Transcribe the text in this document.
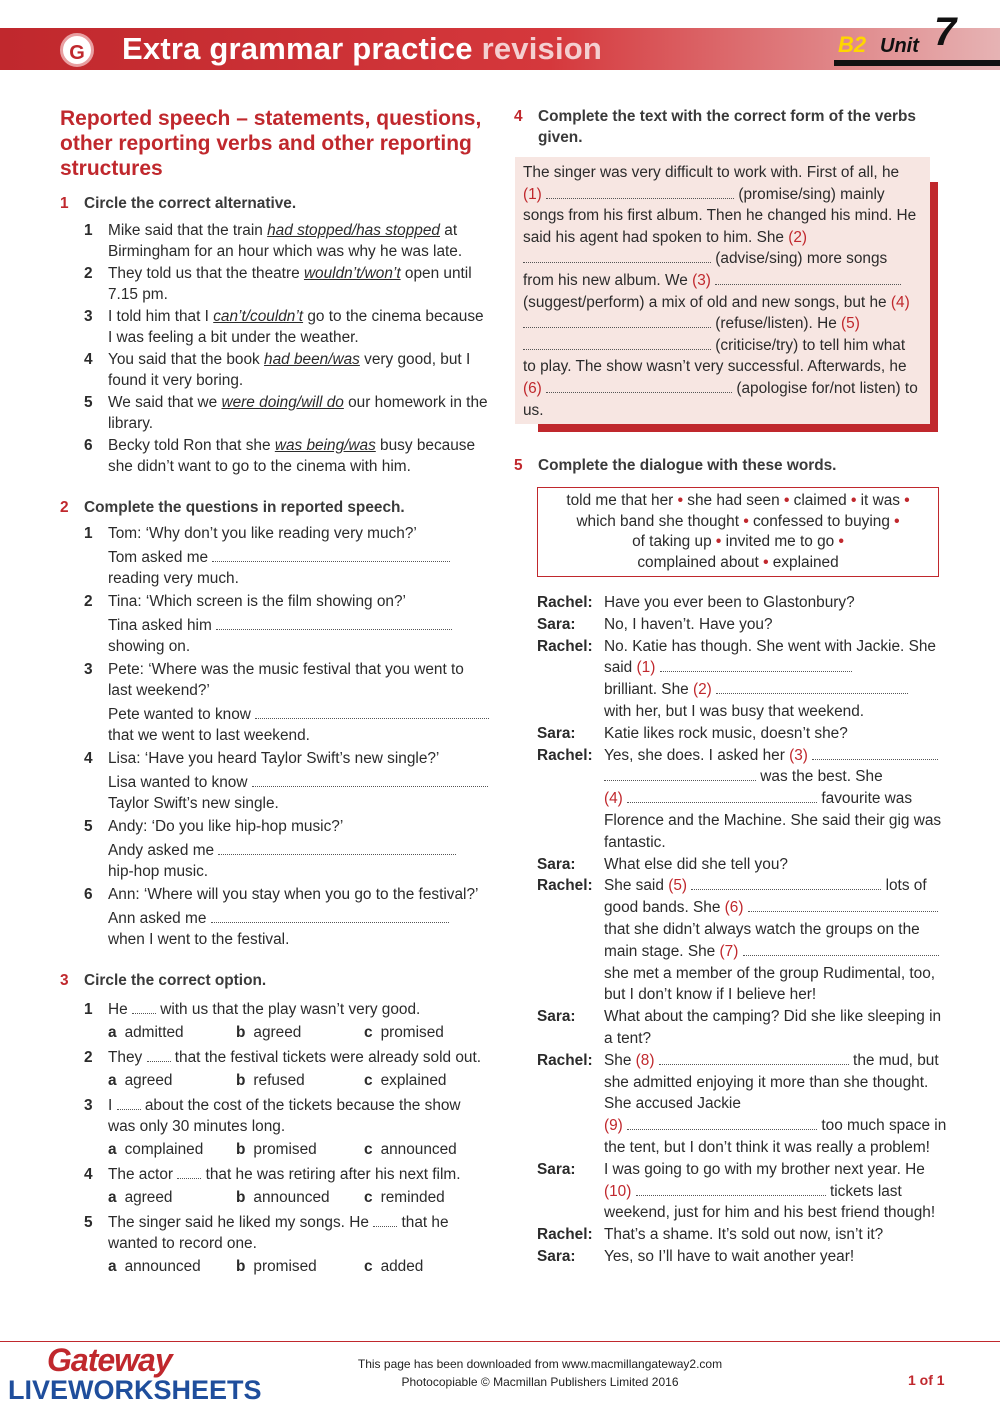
G Extra grammar practice revision	B2 Unit 7
Reported speech – statements, questions, other reporting verbs and other reporting structures
1 Circle the correct alternative.
1 Mike said that the train had stopped/has stopped at Birmingham for an hour which was why he was late.
2 They told us that the theatre wouldn’t/won’t open until 7.15 pm.
3 I told him that I can’t/couldn’t go to the cinema because I was feeling a bit under the weather.
4 You said that the book had been/was very good, but I found it very boring.
5 We said that we were doing/will do our homework in the library.
6 Becky told Ron that she was being/was busy because she didn’t want to go to the cinema with him.
2 Complete the questions in reported speech.
1 Tom: ‘Why don’t you like reading very much?’
Tom asked me
reading very much.
2 Tina: ‘Which screen is the film showing on?’
Tina asked him
showing on.
3 Pete: ‘Where was the music festival that you went to last weekend?’
Pete wanted to know
that we went to last weekend.
4 Lisa: ‘Have you heard Taylor Swift’s new single?’
Lisa wanted to know
Taylor Swift’s new single.
5 Andy: ‘Do you like hip-hop music?’
Andy asked me
hip-hop music.
6 Ann: ‘Where will you stay when you go to the festival?’
Ann asked me
when I went to the festival.
3 Circle the correct option.
1 He with us that the play wasn’t very good.
a admitted	b agreed	c promised
2 They that the festival tickets were already sold out.
a agreed	b refused	c explained
3 I about the cost of the tickets because the show was only 30 minutes long.
a complained	b promised	c announced
4 The actor that he was retiring after his next film.
a agreed	b announced	c reminded
5 The singer said he liked my songs. He that he wanted to record one.
a announced	b promised	c added
4 Complete the text with the correct form of the verbs given.
The singer was very difficult to work with. First of all, he (1)	(promise/sing) mainly songs from his first album. Then he changed his mind. He said his agent had spoken to him. She (2)  (advise/sing) more songs from his new album. We (3)  (suggest/perform) a mix of old and new songs, but he (4)  (refuse/listen). He (5)  (criticise/try) to tell him what to play. The show wasn’t very successful. Afterwards, he (6)	(apologise for/not listen) to us.
5 Complete the dialogue with these words.
told me that her • she had seen • claimed • it was •
which band she thought • confessed to buying •
of taking up • invited me to go •
complained about • explained
Rachel: Have you ever been to Glastonbury?
Sara:	No, I haven’t. Have you?
Rachel: No. Katie has though. She went with Jackie. She said (1)
brilliant. She (2)
with her, but I was busy that weekend.
Sara:	Katie likes rock music, doesn’t she?
Rachel: Yes, she does. I asked her (3)
was the best. She
(4)	favourite was Florence and the Machine. She said their gig was fantastic.
Sara:	What else did she tell you?
Rachel: She said (5)	lots of good bands. She (6)  that she didn’t always watch the groups on the main stage. She (7)  she met a member of the group Rudimental, too, but I don’t know if I believe her!
Sara:	What about the camping? Did she like sleeping in a tent?
Rachel: She (8)	the mud, but she admitted enjoying it more than she thought. She accused Jackie
(9)	too much space in the tent, but I don’t think it was really a problem!
Sara:	I was going to go with my brother next year. He (10)	tickets last weekend, just for him and his best friend though!
Rachel: That’s a shame. It’s sold out now, isn’t it?
Sara:	Yes, so I’ll have to wait another year!
Gateway
LIVEWORKSHEETS
This page has been downloaded from www.macmillangateway2.com
Photocopiable © Macmillan Publishers Limited 2016	1 of 1
